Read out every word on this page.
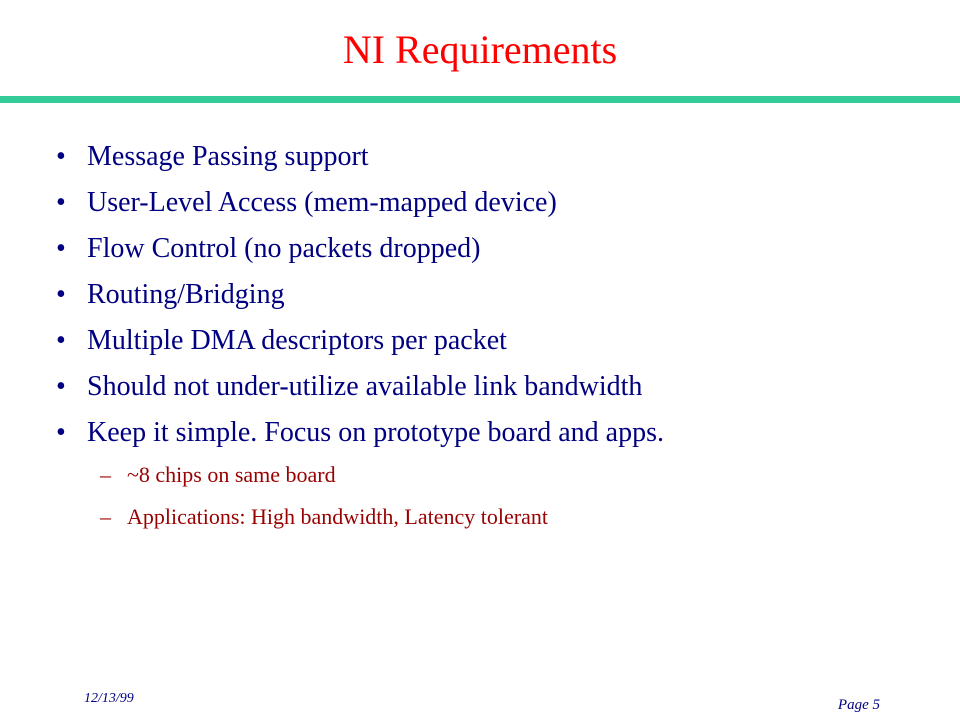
NI Requirements
• Message Passing support
• User-Level Access (mem-mapped device)
• Flow Control (no packets dropped)
• Routing/Bridging
• Multiple DMA descriptors per packet
• Should not under-utilize available link bandwidth
• Keep it simple. Focus on prototype board and apps.
– ~8 chips on same board
– Applications: High bandwidth, Latency tolerant
12/13/99	Page 5
